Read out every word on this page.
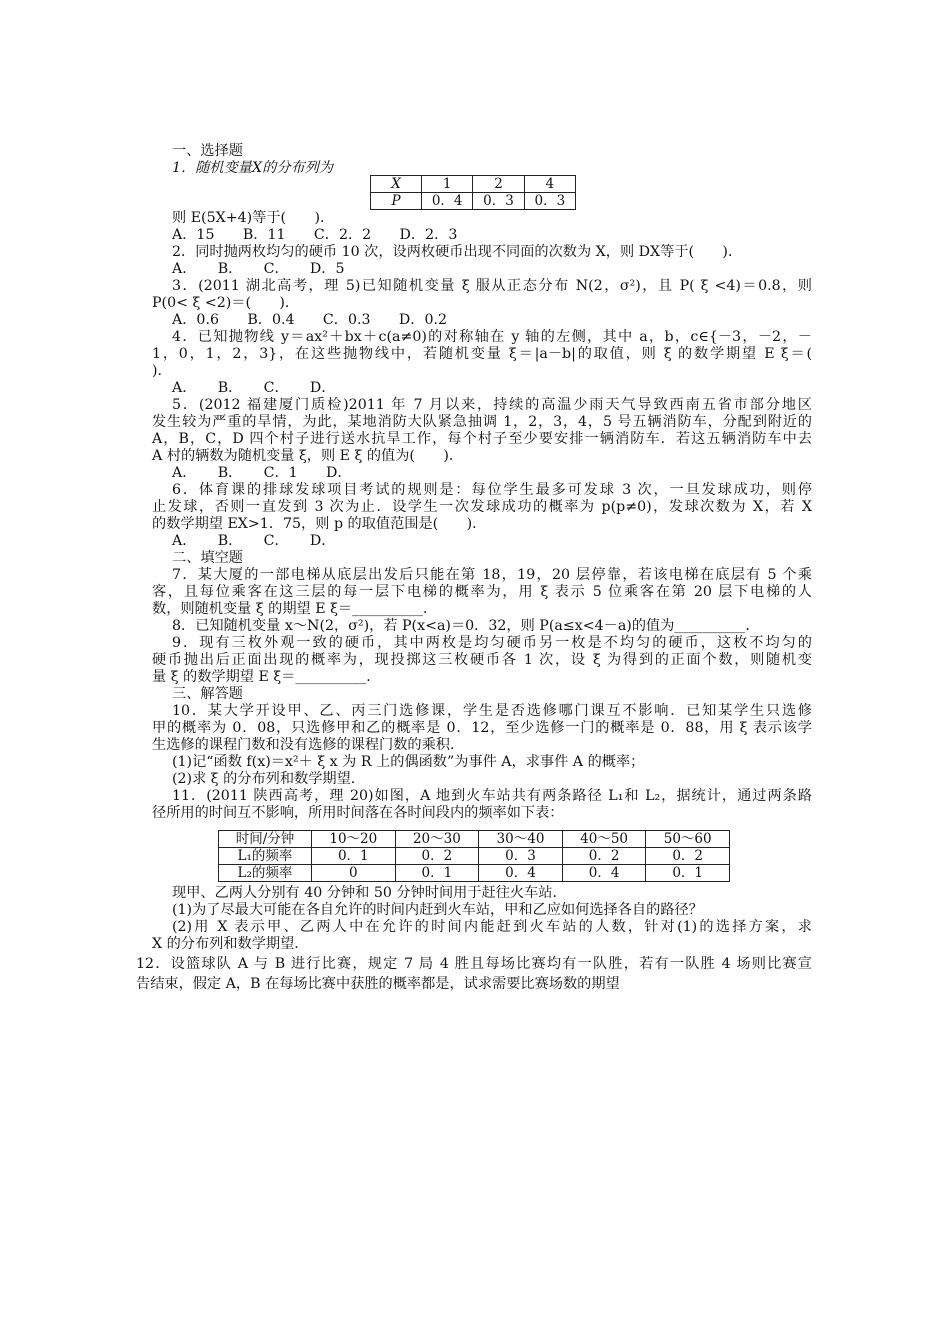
一、选择题
1．随机变量X的分布列为
X	1	2	4
P	0．4	0．3	0．3
则 E(5X+4)等于(　　)．
A．15　　B．11　　C．2．2　　D．2．3
2．同时抛两枚均匀的硬币 10 次，设两枚硬币出现不同面的次数为 X，则 DX等于(　　)．
A．　　B．　　C．　　D．5
3．(2011 湖北高考，理 5)已知随机变量 ξ 服从正态分布 N(2，σ²)，且 P( ξ <4)＝0.8，则
P(0< ξ <2)＝(　　)．
A．0.6　　B．0.4　　C．0.3　　D．0.2
4．已知抛物线 y＝ax²＋bx＋c(a≠0)的对称轴在 y 轴的左侧，其中 a，b，c∈{－3，－2，－
1，0，1，2，3}，在这些抛物线中，若随机变量 ξ＝|a－b|的取值，则 ξ 的数学期望 E ξ＝(
)．
A．　　B．　　C．　　D．
5．(2012 福建厦门质检)2011 年 7 月以来，持续的高温少雨天气导致西南五省市部分地区
发生较为严重的旱情，为此，某地消防大队紧急抽调 1，2，3，4，5 号五辆消防车，分配到附近的
A，B，C，D 四个村子进行送水抗旱工作，每个村子至少要安排一辆消防车．若这五辆消防车中去
A 村的辆数为随机变量 ξ，则 E ξ 的值为(　　)．
A．　　B．　　C．1　　D．
6．体育课的排球发球项目考试的规则是：每位学生最多可发球 3 次，一旦发球成功，则停
止发球，否则一直发到 3 次为止．设学生一次发球成功的概率为 p(p≠0)，发球次数为 X，若 X
的数学期望 EX>1．75，则 p 的取值范围是(　　)．
A．　　B．　　C．　　D．
二、填空题
7．某大厦的一部电梯从底层出发后只能在第 18，19，20 层停靠，若该电梯在底层有 5 个乘
客，且每位乘客在这三层的每一层下电梯的概率为，用 ξ 表示 5 位乘客在第 20 层下电梯的人
数，则随机变量 ξ 的期望 E ξ＝__________．
8．已知随机变量 x～N(2，σ²)，若 P(x<a)＝0．32，则 P(a≤x<4－a)的值为__________．
9．现有三枚外观一致的硬币，其中两枚是均匀硬币另一枚是不均匀的硬币，这枚不均匀的
硬币抛出后正面出现的概率为，现投掷这三枚硬币各 1 次，设 ξ 为得到的正面个数，则随机变
量 ξ 的数学期望 E ξ＝__________．
三、解答题
10．某大学开设甲、乙、丙三门选修课，学生是否选修哪门课互不影响．已知某学生只选修
甲的概率为 0．08，只选修甲和乙的概率是 0．12，至少选修一门的概率是 0．88，用 ξ 表示该学
生选修的课程门数和没有选修的课程门数的乘积．
(1)记“函数 f(x)＝x²＋ ξ x 为 R 上的偶函数”为事件 A，求事件 A 的概率；
(2)求 ξ 的分布列和数学期望．
11．(2011 陕西高考，理 20)如图，A 地到火车站共有两条路径 L₁和 L₂，据统计，通过两条路
径所用的时间互不影响，所用时间落在各时间段内的频率如下表：
时间/分钟	10～20	20～30	30～40	40～50	50～60
L₁的频率	0．1	0．2	0．3	0．2	0．2
L₂的频率	0	0．1	0．4	0．4	0．1
现甲、乙两人分别有 40 分钟和 50 分钟时间用于赶往火车站．
(1)为了尽最大可能在各自允许的时间内赶到火车站，甲和乙应如何选择各自的路径？
(2)用 X 表示甲、乙两人中在允许的时间内能赶到火车站的人数，针对(1)的选择方案，求
X 的分布列和数学期望．
12．设篮球队 A 与 B 进行比赛，规定 7 局 4 胜且每场比赛均有一队胜，若有一队胜 4 场则比赛宣
告结束，假定 A，B 在每场比赛中获胜的概率都是，试求需要比赛场数的期望
